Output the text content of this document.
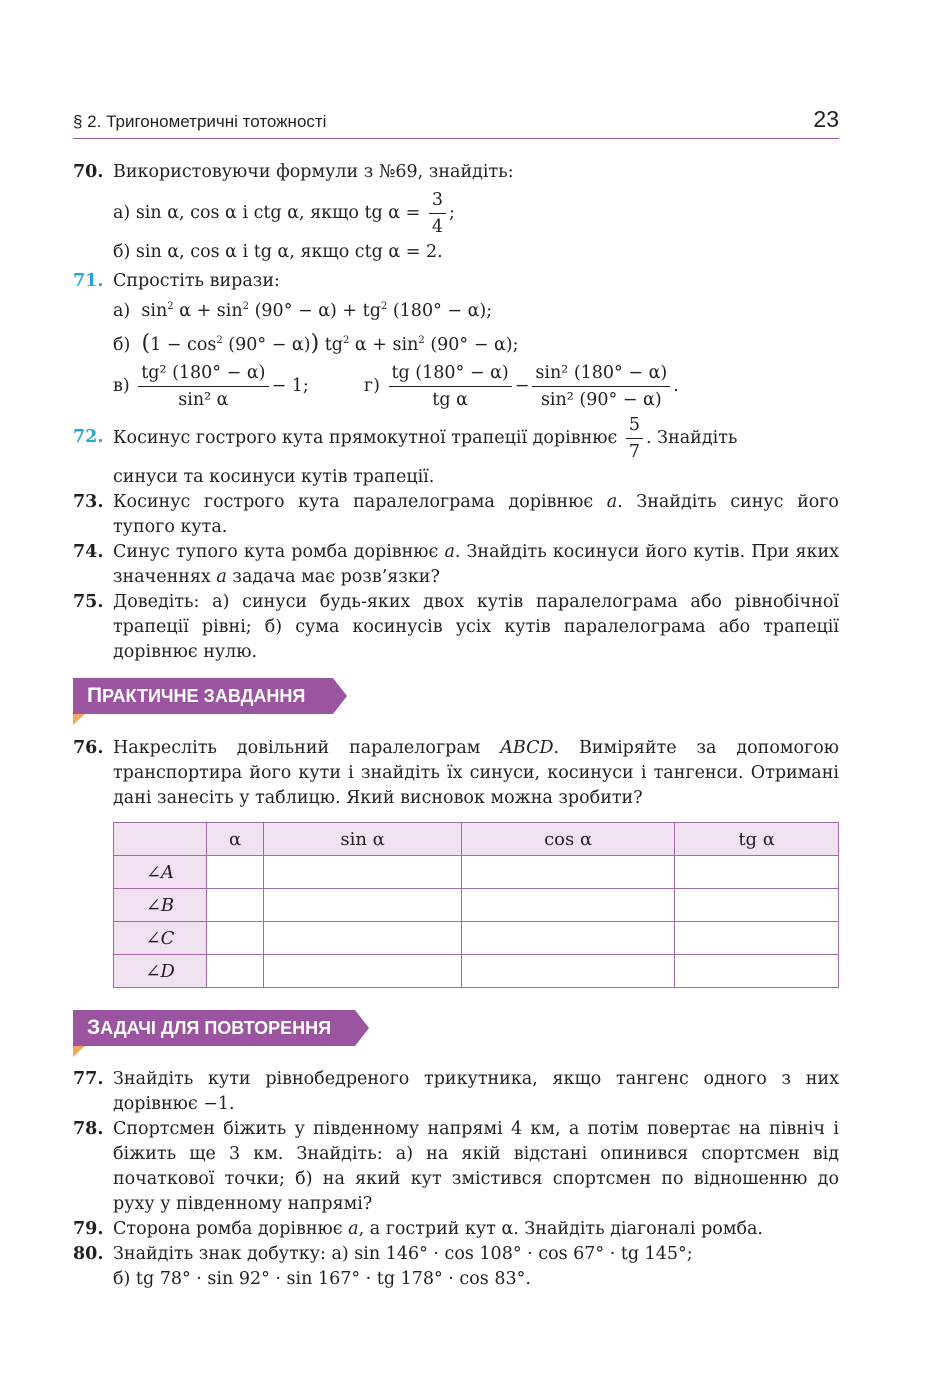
§ 2. Тригонометричні тотожності	23
70. Використовуючи формули з №69, знайдіть:
а) sin α, cos α і ctg α, якщо tg $\alpha = \frac{3}{4}$ ;
б) sin α, cos α і tg α, якщо ctg α = 2.
71. Спростіть вирази:
а)  $\sin^2 \alpha + \sin^2 (90^\circ - \alpha) + tg^2$ (180° − α);
б) $(1 - \cos^2 (90^\circ - \alpha))$ $tg^2$ $\alpha + \sin^2 (90^\circ - \alpha)$;
$в) \frac{\text{tg² (180° − α)}}{\text{sin² α}} - 1$;	$г) \frac{tg (180^\circ - \alpha)}{\text{tg α}} - \frac{\text{sin² (180° − α)}}{\text{sin² (90° − α)}}$ .
72. Косинус гострого кута прямокутної трапеції дорівнює $\frac{5}{7}$ . Знайдіть
синуси та косинуси кутів трапеції.
73. Косинус гострого кута паралелограма дорівнює a. Знайдіть синус його тупого кута.
74. Синус тупого кута ромба дорівнює a. Знайдіть косинуси його кутів. При яких значеннях a задача має розв’язки?
75. Доведіть: а) синуси будь-яких двох кутів паралелограма або рівнобічної трапеції рівні; б) сума косинусів усіх кутів паралелограма або трапеції дорівнює нулю.
ПРАКТИЧНЕ ЗАВДАННЯ
76. Накресліть довільний паралелограм ABCD. Виміряйте за допомогою транспортира його кути і знайдіть їх синуси, косинуси і тангенси. Отримані дані занесіть у таблицю. Який висновок можна зробити?
	α	sin α	cos α	tg α
∠A				
∠B				
∠C				
∠D				
ЗАДАЧІ ДЛЯ ПОВТОРЕННЯ
77. Знайдіть кути рівнобедреного трикутника, якщо тангенс одного з них дорівнює −1.
78. Спортсмен біжить у південному напрямі 4 км, а потім повертає на північ і біжить ще 3 км. Знайдіть: а) на якій відстані опинився спортсмен від початкової точки; б) на який кут змістився спортсмен по відношенню до руху у південному напрямі?
79. Сторона ромба дорівнює a, а гострий кут α. Знайдіть діагоналі ромба.
80. Знайдіть знак добутку: а) sin 146° · cos 108° · cos 67° · tg 145°;
б) tg 78° · sin 92° · sin 167° · tg 178° · cos 83°.
